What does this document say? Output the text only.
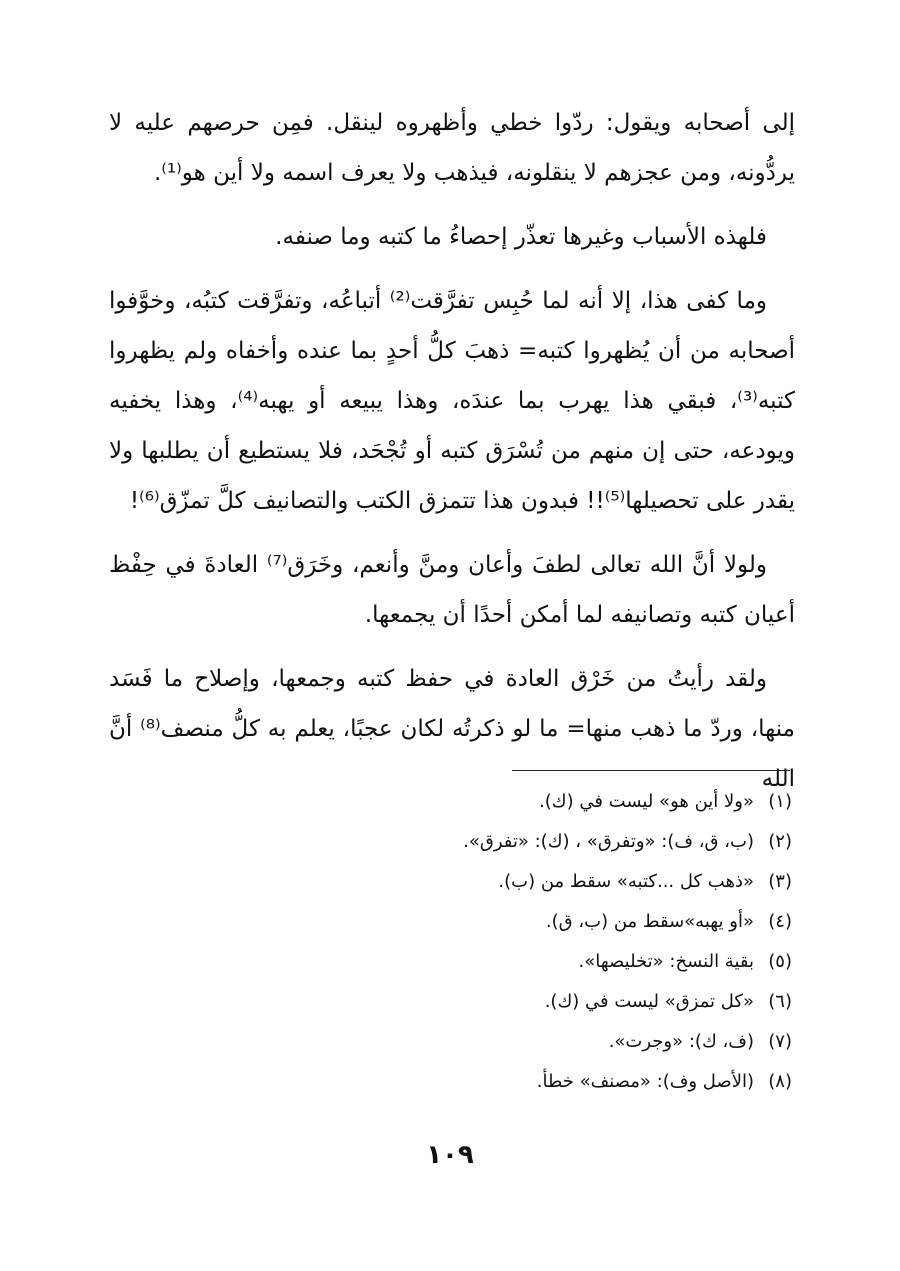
إلى أصحابه ويقول: ردّوا خطي وأظهروه لينقل. فمِن حرصهم عليه لا يردُّونه، ومن عجزهم لا ينقلونه، فيذهب ولا يعرف اسمه ولا أين هو⁽¹⁾.

فلهذه الأسباب وغيرها تعذّر إحصاءُ ما كتبه وما صنفه.

وما كفى هذا، إلا أنه لما حُبِس تفرَّقت⁽²⁾ أتباعُه، وتفرَّقت كتبُه، وخوَّفوا أصحابه من أن يُظهروا كتبه= ذهبَ كلُّ أحدٍ بما عنده وأخفاه ولم يظهروا كتبه⁽³⁾، فبقي هذا يهرب بما عندَه، وهذا يبيعه أو يهبه⁽⁴⁾، وهذا يخفيه ويودعه، حتى إن منهم من تُسْرَق كتبه أو تُجْحَد، فلا يستطيع أن يطلبها ولا يقدر على تحصيلها⁽⁵⁾!! فبدون هذا تتمزق الكتب والتصانيف كلَّ تمزّق⁽⁶⁾!

ولولا أنَّ الله تعالى لطفَ وأعان ومنَّ وأنعم، وخَرَق⁽⁷⁾ العادةَ في حِفْظ أعيان كتبه وتصانيفه لما أمكن أحدًا أن يجمعها.

ولقد رأيتُ من خَرْق العادة في حفظ كتبه وجمعها، وإصلاح ما فَسَد منها، وردّ ما ذهب منها= ما لو ذكرتُه لكان عجبًا، يعلم به كلُّ منصف⁽⁸⁾ أنَّ الله

(١)«ولا أين هو» ليست في (ك).
(٢)(ب، ق، ف): «وتفرق» ، (ك): «تفرق».
(٣)«ذهب كل ...كتبه» سقط من (ب).
(٤)«أو يهبه»سقط من (ب، ق).
(٥)بقية النسخ: «تخليصها».
(٦)«كل تمزق» ليست في (ك).
(٧)(ف، ك): «وجرت».
(٨)(الأصل وف): «مصنف» خطأ.
١٠٩
